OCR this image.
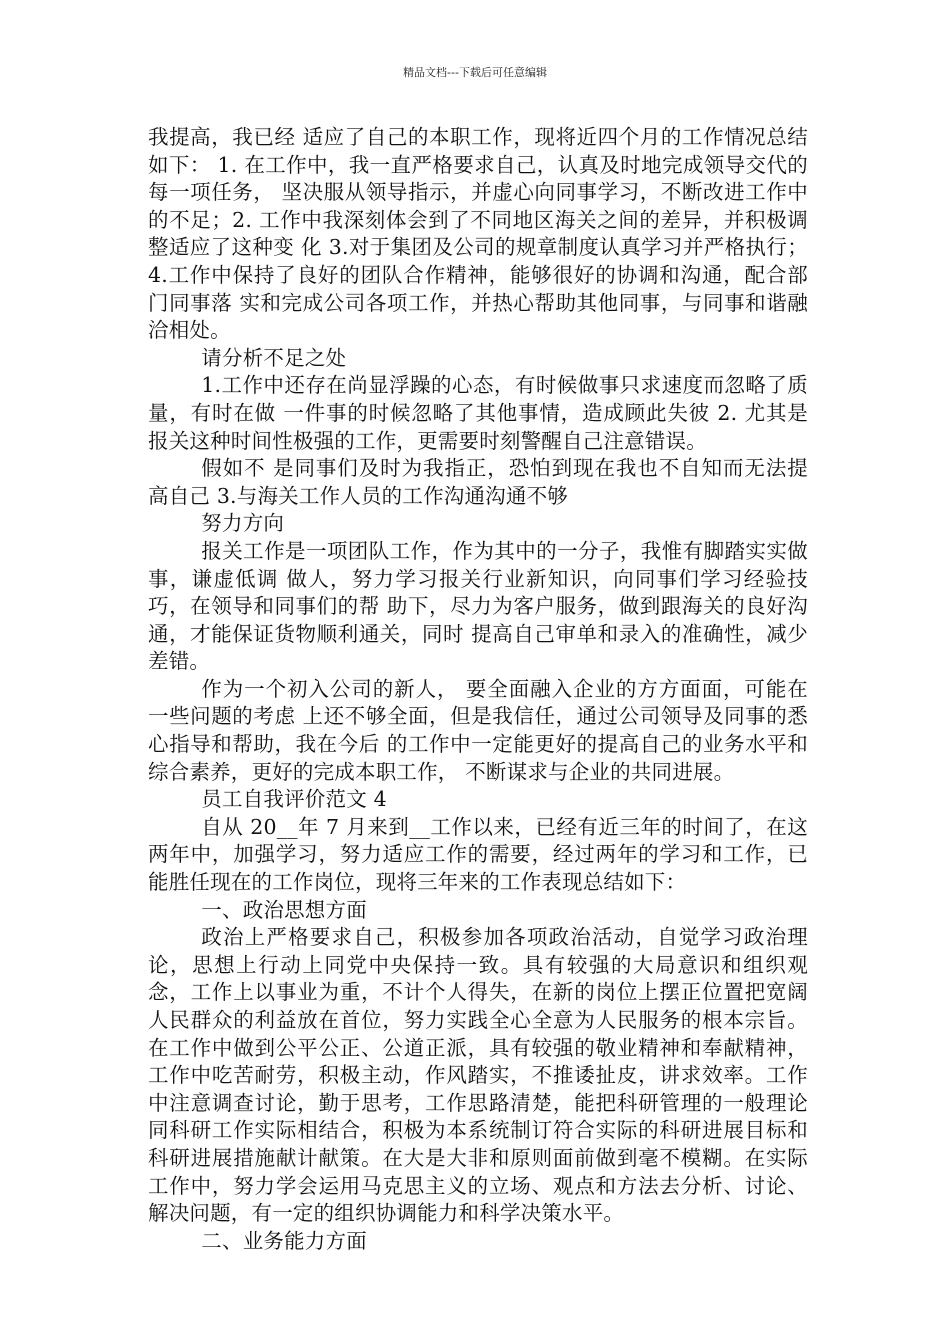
精品文档---下载后可任意编辑

我提高，我已经 适应了自己的本职工作，现将近四个月的工作情况总结如下： 1. 在工作中，我一直严格要求自己，认真及时地完成领导交代的每一项任务， 坚决服从领导指示，并虚心向同事学习，不断改进工作中的不足；2. 工作中我深刻体会到了不同地区海关之间的差异，并积极调整适应了这种变 化 3.对于集团及公司的规章制度认真学习并严格执行；4.工作中保持了良好的团队合作精神，能够很好的协调和沟通，配合部门同事落 实和完成公司各项工作，并热心帮助其他同事，与同事和谐融洽相处。

请分析不足之处

1.工作中还存在尚显浮躁的心态，有时候做事只求速度而忽略了质量，有时在做 一件事的时候忽略了其他事情，造成顾此失彼 2. 尤其是报关这种时间性极强的工作，更需要时刻警醒自己注意错误。

假如不 是同事们及时为我指正，恐怕到现在我也不自知而无法提高自己 3.与海关工作人员的工作沟通沟通不够

努力方向

报关工作是一项团队工作，作为其中的一分子，我惟有脚踏实实做事，谦虚低调 做人，努力学习报关行业新知识，向同事们学习经验技巧，在领导和同事们的帮 助下，尽力为客户服务，做到跟海关的良好沟通，才能保证货物顺利通关，同时 提高自己审单和录入的准确性，减少差错。

作为一个初入公司的新人， 要全面融入企业的方方面面，可能在一些问题的考虑 上还不够全面，但是我信任，通过公司领导及同事的悉心指导和帮助，我在今后 的工作中一定能更好的提高自己的业务水平和综合素养，更好的完成本职工作， 不断谋求与企业的共同进展。

员工自我评价范文 4

自从 20__年 7 月来到__工作以来，已经有近三年的时间了，在这两年中，加强学习，努力适应工作的需要，经过两年的学习和工作，已能胜任现在的工作岗位，现将三年来的工作表现总结如下：

一、政治思想方面

政治上严格要求自己，积极参加各项政治活动，自觉学习政治理论，思想上行动上同党中央保持一致。具有较强的大局意识和组织观念，工作上以事业为重，不计个人得失，在新的岗位上摆正位置把宽阔人民群众的利益放在首位，努力实践全心全意为人民服务的根本宗旨。在工作中做到公平公正、公道正派，具有较强的敬业精神和奉献精神，工作中吃苦耐劳，积极主动，作风踏实，不推诿扯皮，讲求效率。工作中注意调查讨论，勤于思考，工作思路清楚，能把科研管理的一般理论同科研工作实际相结合，积极为本系统制订符合实际的科研进展目标和科研进展措施献计献策。在大是大非和原则面前做到毫不模糊。在实际工作中，努力学会运用马克思主义的立场、观点和方法去分析、讨论、解决问题，有一定的组织协调能力和科学决策水平。

二、业务能力方面
